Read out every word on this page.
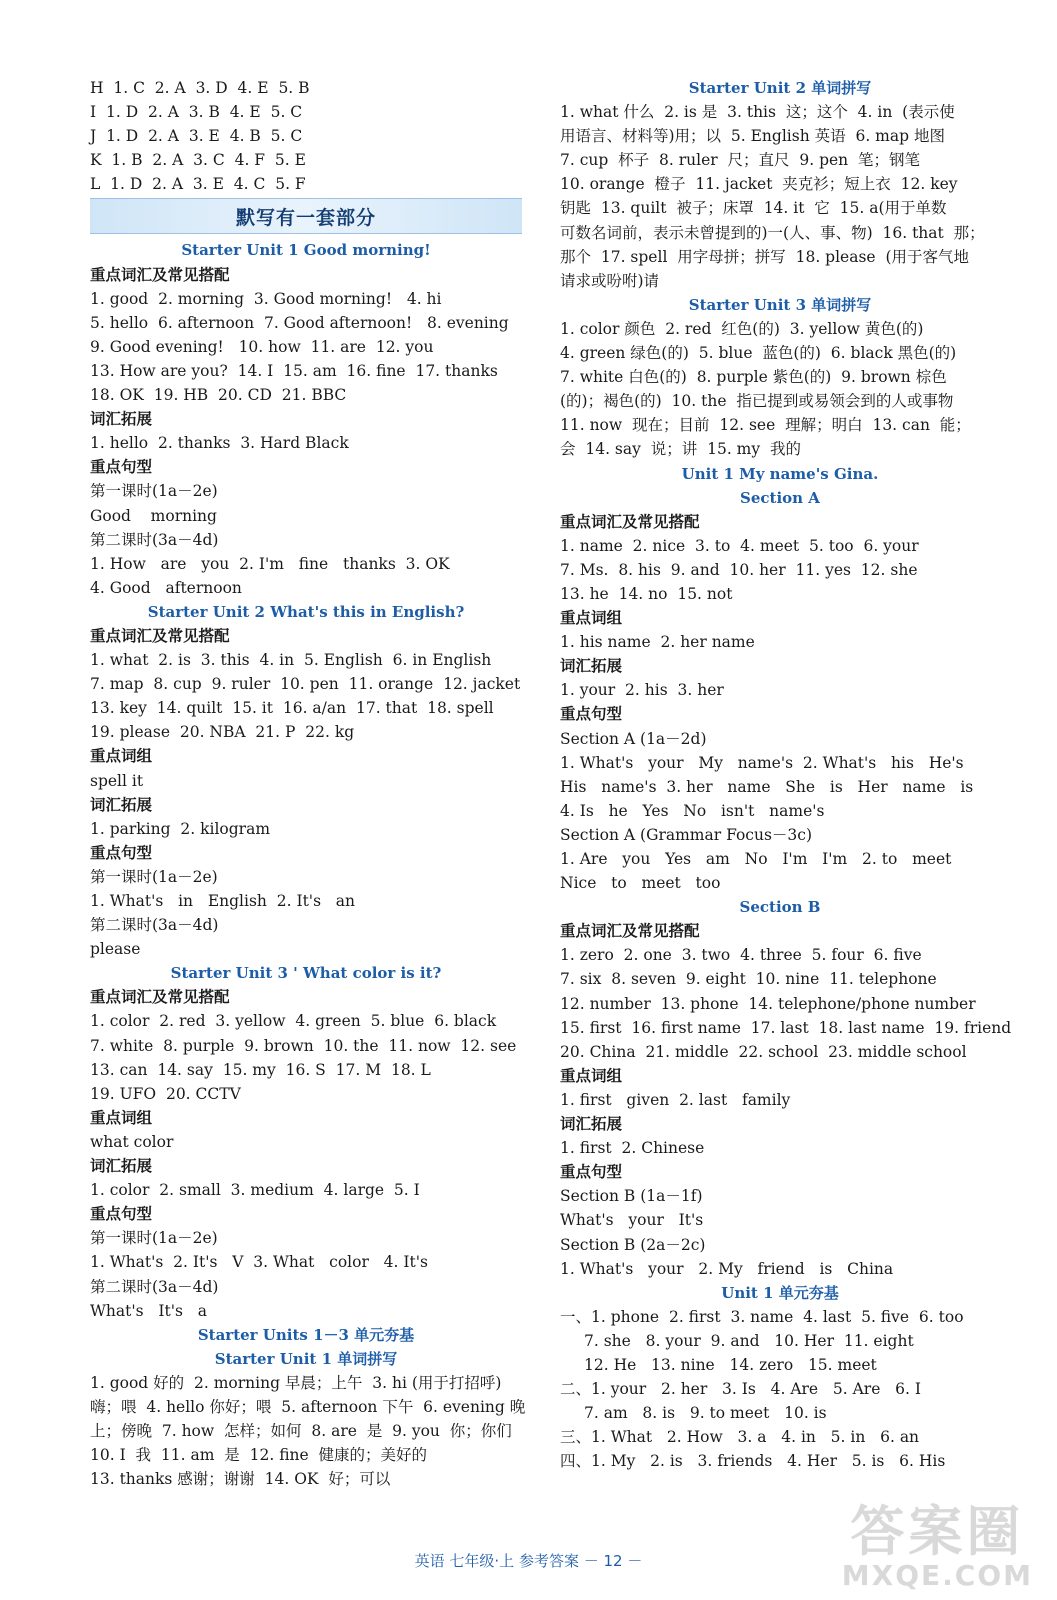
H  1. C  2. A  3. D  4. E  5. B
I  1. D  2. A  3. B  4. E  5. C
J  1. D  2. A  3. E  4. B  5. C
K  1. B  2. A  3. C  4. F  5. E
L  1. D  2. A  3. E  4. C  5. F
默写有一套部分
Starter Unit 1 Good morning!
重点词汇及常见搭配
1. good  2. morning  3. Good morning!   4. hi
5. hello  6. afternoon  7. Good afternoon!   8. evening
9. Good evening!   10. how  11. are  12. you
13. How are you?  14. I  15. am  16. fine  17. thanks
18. OK  19. HB  20. CD  21. BBC
词汇拓展
1. hello  2. thanks  3. Hard Black
重点句型
第一课时(1a－2e)
Good    morning
第二课时(3a－4d)
1. How   are   you  2. I'm   fine   thanks  3. OK
4. Good   afternoon
Starter Unit 2 What's this in English?
重点词汇及常见搭配
1. what  2. is  3. this  4. in  5. English  6. in English
7. map  8. cup  9. ruler  10. pen  11. orange  12. jacket
13. key  14. quilt  15. it  16. a/an  17. that  18. spell
19. please  20. NBA  21. P  22. kg
重点词组
spell it
词汇拓展
1. parking  2. kilogram
重点句型
第一课时(1a－2e)
1. What's   in   English  2. It's   an
第二课时(3a－4d)
please
Starter Unit 3 ' What color is it?
重点词汇及常见搭配
1. color  2. red  3. yellow  4. green  5. blue  6. black
7. white  8. purple  9. brown  10. the  11. now  12. see
13. can  14. say  15. my  16. S  17. M  18. L
19. UFO  20. CCTV
重点词组
what color
词汇拓展
1. color  2. small  3. medium  4. large  5. I
重点句型
第一课时(1a－2e)
1. What's  2. It's   V  3. What   color   4. It's
第二课时(3a－4d)
What's   It's   a
Starter Units 1－3 单元夯基
Starter Unit 1 单词拼写
1. good 好的  2. morning 早晨；上午  3. hi (用于打招呼)
嗨；喂  4. hello 你好；喂  5. afternoon 下午  6. evening 晚
上；傍晚  7. how  怎样；如何  8. are  是  9. you  你；你们
10. I  我  11. am  是  12. fine  健康的；美好的
13. thanks 感谢；谢谢  14. OK  好；可以
Starter Unit 2 单词拼写
1. what 什么  2. is 是  3. this  这；这个  4. in  (表示使
用语言、材料等)用；以  5. English 英语  6. map 地图
7. cup  杯子  8. ruler  尺；直尺  9. pen  笔；钢笔
10. orange  橙子  11. jacket  夹克衫；短上衣  12. key
钥匙  13. quilt  被子；床罩  14. it  它  15. a(用于单数
可数名词前，表示未曾提到的)一(人、事、物)  16. that  那；
那个  17. spell  用字母拼；拼写  18. please  (用于客气地
请求或吩咐)请
Starter Unit 3 单词拼写
1. color 颜色  2. red  红色(的)  3. yellow 黄色(的)
4. green 绿色(的)  5. blue  蓝色(的)  6. black 黑色(的)
7. white 白色(的)  8. purple 紫色(的)  9. brown 棕色
(的)；褐色(的)  10. the  指已提到或易领会到的人或事物
11. now  现在；目前  12. see  理解；明白  13. can  能；
会  14. say  说；讲  15. my  我的
Unit 1 My name's Gina.
Section A
重点词汇及常见搭配
1. name  2. nice  3. to  4. meet  5. too  6. your
7. Ms.  8. his  9. and  10. her  11. yes  12. she
13. he  14. no  15. not
重点词组
1. his name  2. her name
词汇拓展
1. your  2. his  3. her
重点句型
Section A (1a－2d)
1. What's   your   My   name's  2. What's   his   He's
His   name's  3. her   name   She   is   Her   name   is
4. Is   he   Yes   No   isn't   name's
Section A (Grammar Focus－3c)
1. Are   you   Yes   am   No   I'm   I'm   2. to   meet
Nice   to   meet   too
Section B
重点词汇及常见搭配
1. zero  2. one  3. two  4. three  5. four  6. five
7. six  8. seven  9. eight  10. nine  11. telephone
12. number  13. phone  14. telephone/phone number
15. first  16. first name  17. last  18. last name  19. friend
20. China  21. middle  22. school  23. middle school
重点词组
1. first   given  2. last   family
词汇拓展
1. first  2. Chinese
重点句型
Section B (1a－1f)
What's   your   It's
Section B (2a－2c)
1. What's   your   2. My   friend   is   China
Unit 1 单元夯基
一、1. phone  2. first  3. name  4. last  5. five  6. too
7. she   8. your  9. and   10. Her  11. eight
12. He   13. nine   14. zero   15. meet
二、1. your   2. her   3. Is   4. Are   5. Are   6. I
7. am   8. is   9. to meet   10. is
三、1. What   2. How   3. a   4. in   5. in   6. an
四、1. My   2. is   3. friends   4. Her   5. is   6. His
英语 七年级·上 参考答案 － 12 －	答案圈
MXQE.COM
